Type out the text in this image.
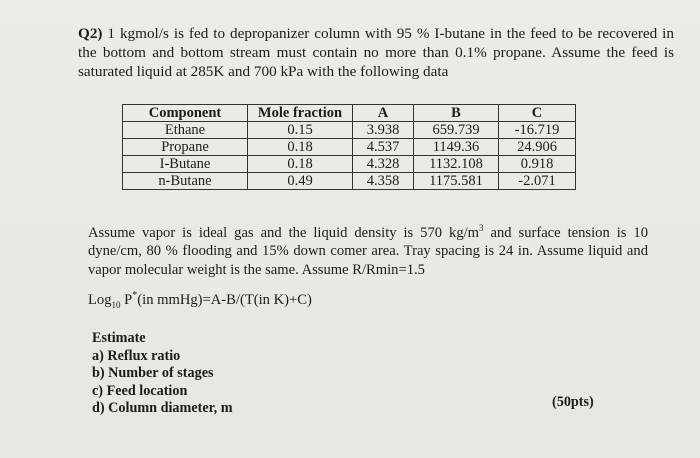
Q2) 1 kgmol/s is fed to depropanizer column with 95 % I-butane in the feed to be recovered in the bottom and bottom stream must contain no more than 0.1% propane. Assume the feed is saturated liquid at 285K and 700 kPa with the following data

Component	Mole fraction	A	B	C
Ethane	0.15	3.938	659.739	-16.719
Propane	0.18	4.537	1149.36	24.906
I-Butane	0.18	4.328	1132.108	0.918
n-Butane	0.49	4.358	1175.581	-2.071

Assume vapor is ideal gas and the liquid density is 570 $kg/m^3$ and surface tension is 10 dyne/cm, 80 % flooding and 15% down comer area. Tray spacing is 24 in. Assume liquid and vapor molecular weight is the same. Assume R/Rmin=1.5

Log$_{10}$ P*(in mmHg)=A-B/(T(in K)+C)
Estimate
a) Reflux ratio
b) Number of stages
c) Feed location
d) Column diameter, m	(50pts)
